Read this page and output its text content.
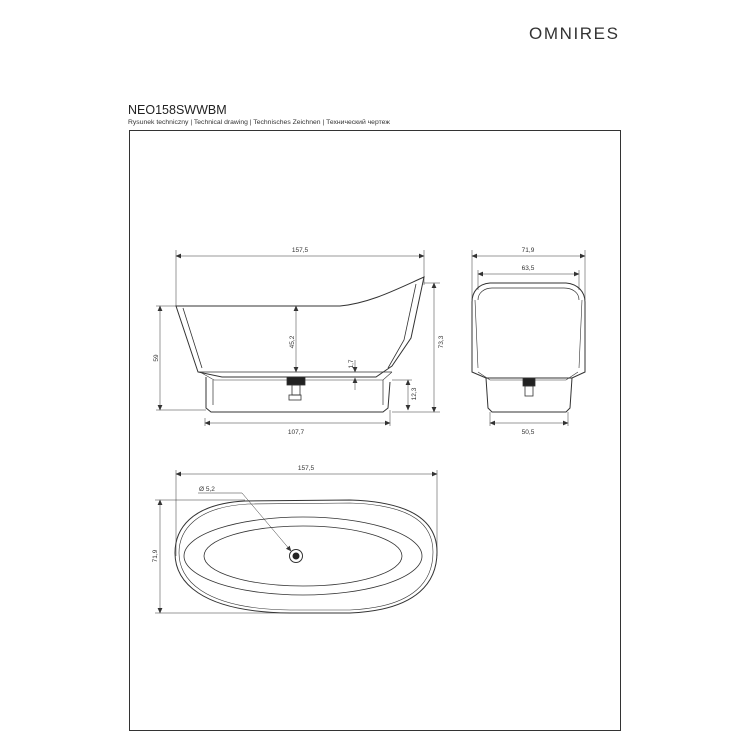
OMNIRES
NEO158SWWBM
Rysunek techniczny | Technical drawing | Technisches Zeichnen | Технический чертеж
157,5
59
45,2
1,7
73,3
12,3
107,7
71,9
63,5
50,5
157,5
Ø 5,2
71,9
